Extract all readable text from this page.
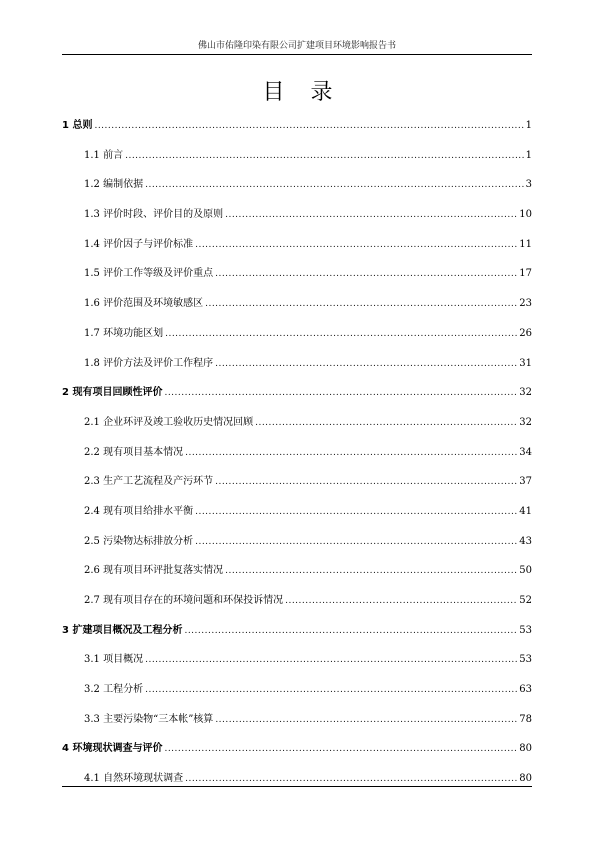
佛山市佑隆印染有限公司扩建项目环境影响报告书
目录
1 总则 .....	1
1.1 前言 .....	1
1.2 编制依据 .....	3
1.3 评价时段、评价目的及原则 .....	10
1.4 评价因子与评价标准 .....	11
1.5 评价工作等级及评价重点 .....	17
1.6 评价范围及环境敏感区 .....	23
1.7 环境功能区划 .....	26
1.8 评价方法及评价工作程序 .....	31
2 现有项目回顾性评价 .....	32
2.1 企业环评及竣工验收历史情况回顾 .....	32
2.2 现有项目基本情况 .....	34
2.3 生产工艺流程及产污环节 .....	37
2.4 现有项目给排水平衡 .....	41
2.5 污染物达标排放分析 .....	43
2.6 现有项目环评批复落实情况 .....	50
2.7 现有项目存在的环境问题和环保投诉情况 .....	52
3 扩建项目概况及工程分析 .....	53
3.1 项目概况 .....	53
3.2 工程分析 .....	63
3.3 主要污染物“三本帐”核算 .....	78
4 环境现状调查与评价 .....	80
4.1 自然环境现状调查 .....	80
